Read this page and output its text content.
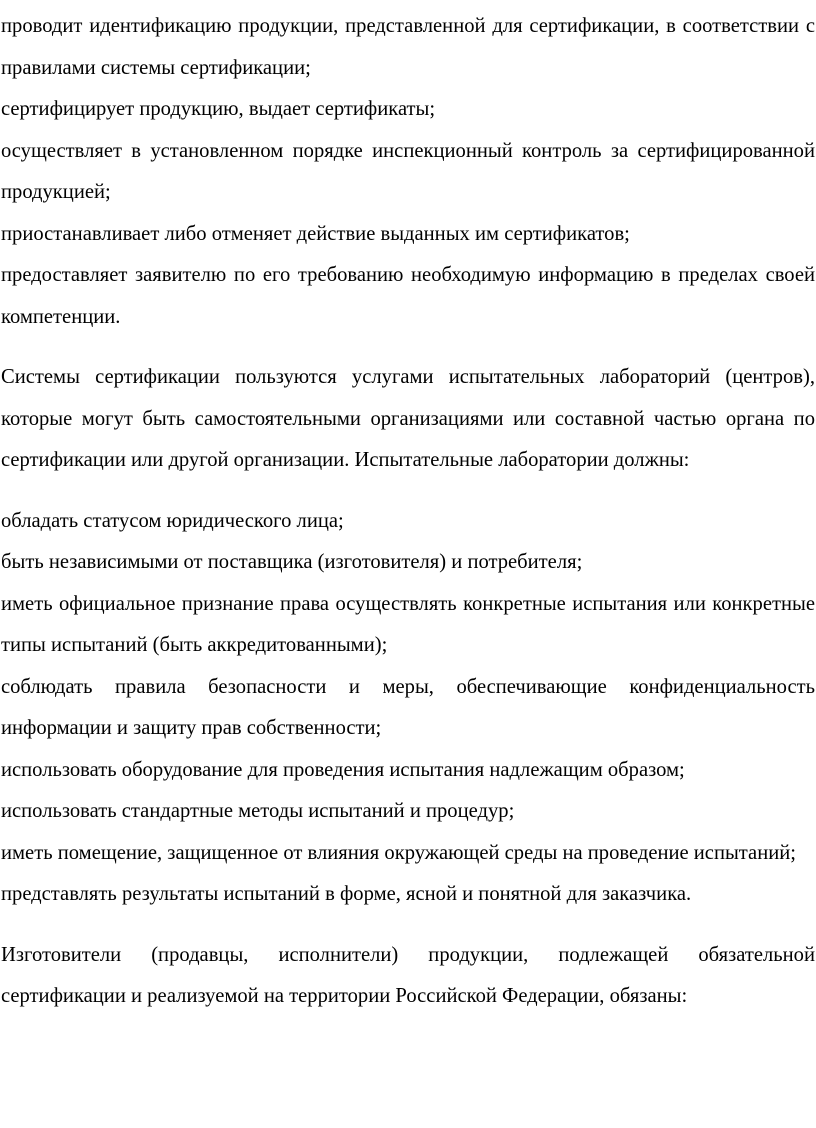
проводит идентификацию продукции, представленной для сертификации, в соответствии с правилами системы сертификации;

сертифицирует продукцию, выдает сертификаты;

осуществляет в установленном порядке инспекционный контроль за сертифицированной продукцией;

приостанавливает либо отменяет действие выданных им сертификатов;

предоставляет заявителю по его требованию необходимую информацию в пределах своей компетенции.

Системы сертификации пользуются услугами испытательных лабораторий (центров), которые могут быть самостоятельными организациями или составной частью органа по сертификации или другой организации. Испытательные лаборатории должны:

обладать статусом юридического лица;

быть независимыми от поставщика (изготовителя) и потребителя;

иметь официальное признание права осуществлять конкретные испытания или конкретные типы испытаний (быть аккредитованными);

соблюдать правила безопасности и меры, обеспечивающие конфиденциальность информации и защиту прав собственности;

использовать оборудование для проведения испытания надлежащим образом;

использовать стандартные методы испытаний и процедур;

иметь помещение, защищенное от влияния окружающей среды на проведение испытаний;

представлять результаты испытаний в форме, ясной и понятной для заказчика.

Изготовители (продавцы, исполнители) продукции, подлежащей обязательной сертификации и реализуемой на территории Российской Федерации, обязаны:
